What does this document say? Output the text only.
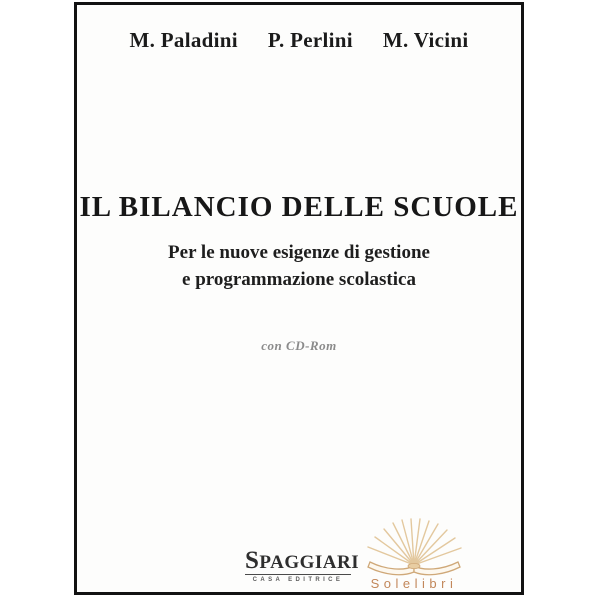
M. Paladini P. Perlini M. Vicini
IL BILANCIO DELLE SCUOLE
Per le nuove esigenze di gestione
e programmazione scolastica
con CD-Rom
SPAGGIARI
CASA EDITRICE	Solelibri
